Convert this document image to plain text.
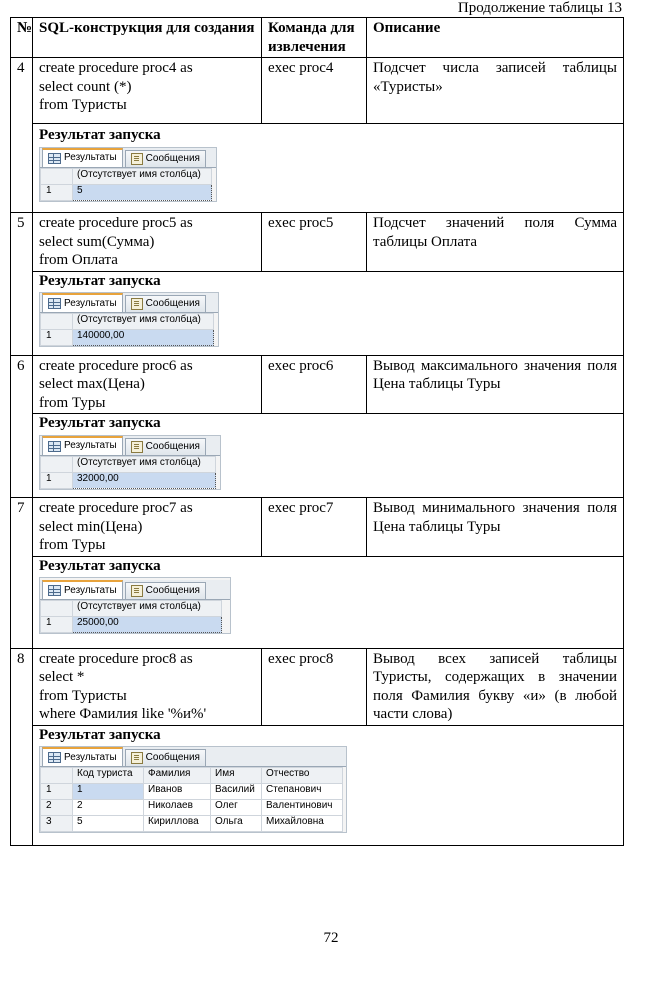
Продолжение таблицы 13
№	SQL-конструкция для создания	Команда для извлечения	Описание
4	create procedure proc4 as
select count (*)
from Туристы	exec proc4	Подсчет числа записей таблицы «Туристы»

Результат запуска
Результаты	Сообщения
	(Отсутствует имя столбца)
1	5

5	create procedure proc5 as
select sum(Сумма)
from Оплата	exec proc5	Подсчет значений поля Сумма таблицы Оплата

Результат запуска
Результаты	Сообщения
	(Отсутствует имя столбца)
1	140000,00

6	create procedure proc6 as
select max(Цена)
from Туры	exec proc6	Вывод максимального значения поля Цена таблицы Туры

Результат запуска
Результаты	Сообщения
	(Отсутствует имя столбца)
1	32000,00

7	create procedure proc7 as
select min(Цена)
from Туры	exec proc7	Вывод минимального значения поля Цена таблицы Туры

Результат запуска
Результаты	Сообщения
	(Отсутствует имя столбца)
1	25000,00

8	create procedure proc8 as
select *
from Туристы
where Фамилия like '%и%'	exec proc8	Вывод всех записей таблицы Туристы, содержащих в значении поля Фамилия букву «и» (в любой части слова)

Результат запуска
Результаты	Сообщения
	Код туриста	Фамилия	Имя	Отчество
1	1	Иванов	Василий	Степанович
2	2	Николаев	Олег	Валентинович
3	5	Кириллова	Ольга	Михайловна
72
